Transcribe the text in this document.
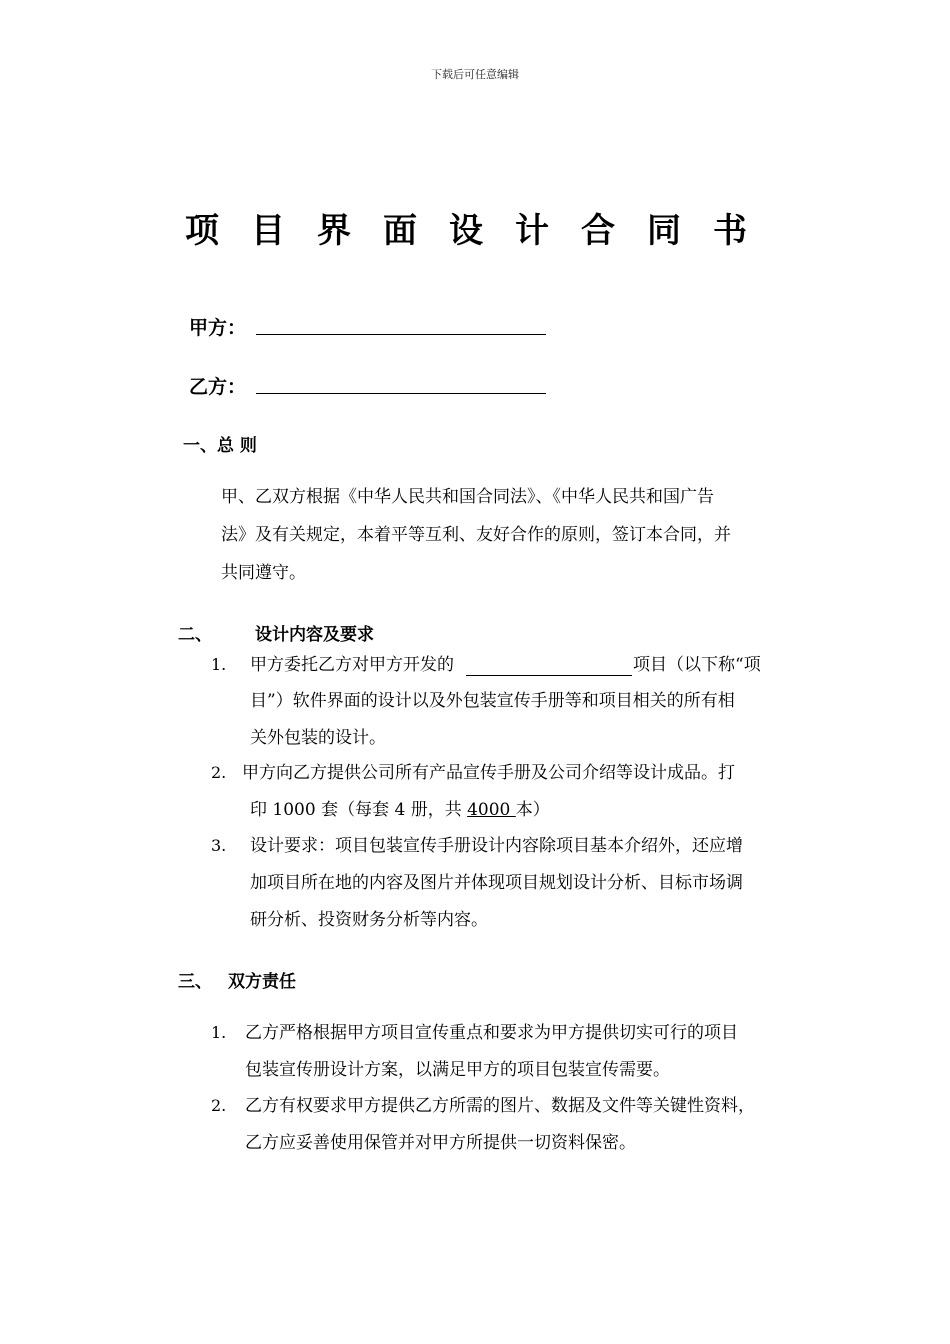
下载后可任意编辑
项目界面设计合同书
甲方：
乙方：
一、总 则
甲、乙双方根据《中华人民共和国合同法》、《中华人民共和国广告
法》及有关规定，本着平等互利、友好合作的原则，签订本合同，并
共同遵守。
二、	设计内容及要求
1. 甲方委托乙方对甲方开发的	项目（以下称“项
目”）软件界面的设计以及外包装宣传手册等和项目相关的所有相
关外包装的设计。
2. 甲方向乙方提供公司所有产品宣传手册及公司介绍等设计成品。打
印 1000 套（每套 4 册，共 4000 本）
3. 设计要求：项目包装宣传手册设计内容除项目基本介绍外，还应增
加项目所在地的内容及图片并体现项目规划设计分析、目标市场调
研分析、投资财务分析等内容。
三、 双方责任
1. 乙方严格根据甲方项目宣传重点和要求为甲方提供切实可行的项目
包装宣传册设计方案，以满足甲方的项目包装宣传需要。
2. 乙方有权要求甲方提供乙方所需的图片、数据及文件等关键性资料，
乙方应妥善使用保管并对甲方所提供一切资料保密。
